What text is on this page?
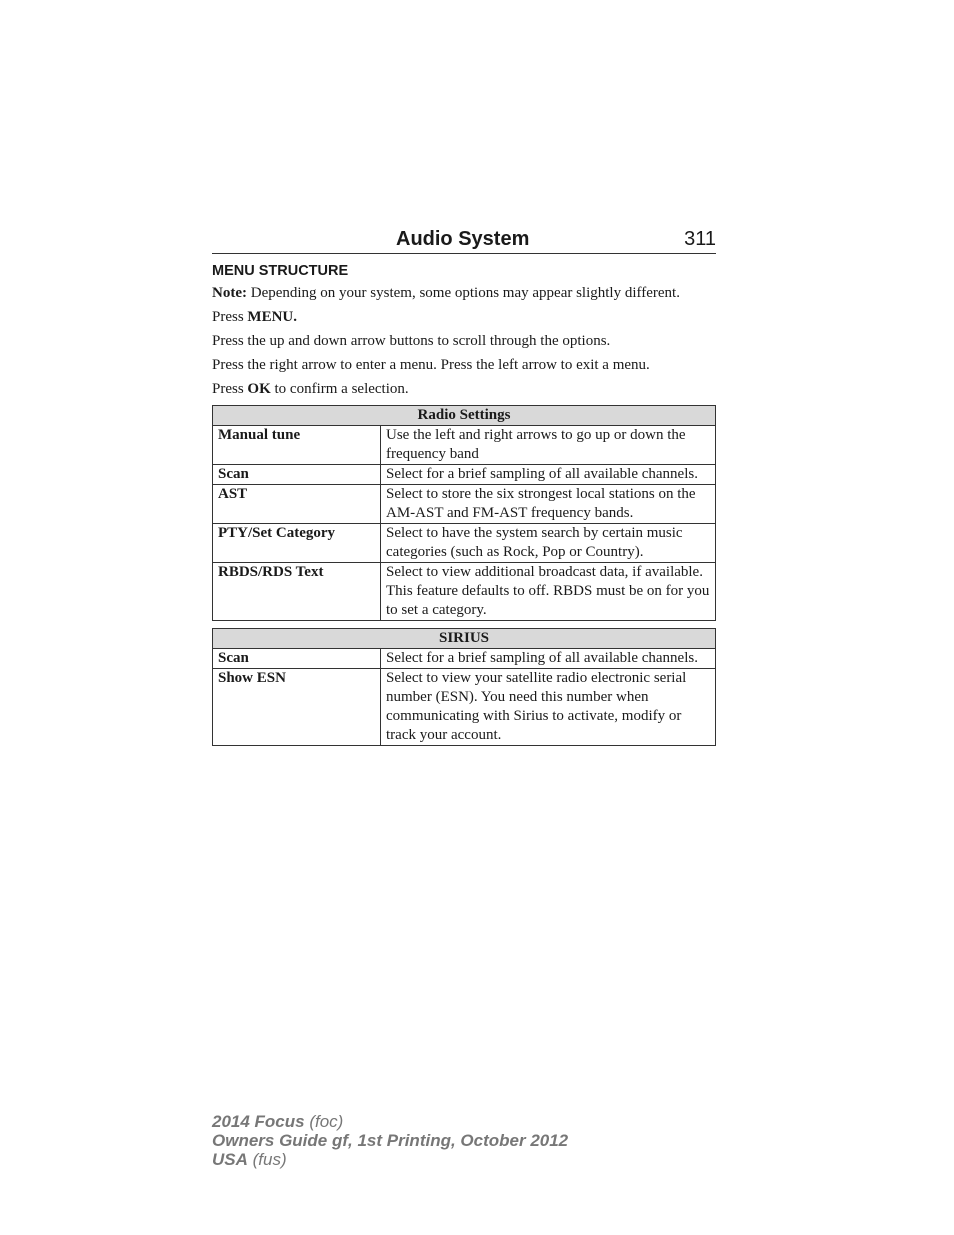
Audio System	311
MENU STRUCTURE

Note: Depending on your system, some options may appear slightly different.

Press MENU.

Press the up and down arrow buttons to scroll through the options.

Press the right arrow to enter a menu. Press the left arrow to exit a menu.

Press OK to confirm a selection.

Radio Settings	
Manual tune	Use the left and right arrows to go up or down the frequency band
Scan	Select for a brief sampling of all available channels.
AST	Select to store the six strongest local stations on the AM-AST and FM-AST frequency bands.
PTY/Set Category	Select to have the system search by certain music categories (such as Rock, Pop or Country).
RBDS/RDS Text	Select to view additional broadcast data, if available. This feature defaults to off. RBDS must be on for you to set a category.
SIRIUS	
Scan	Select for a brief sampling of all available channels.
Show ESN	Select to view your satellite radio electronic serial number (ESN). You need this number when communicating with Sirius to activate, modify or track your account.
2014 Focus (foc)
Owners Guide gf, 1st Printing, October 2012
USA (fus)
